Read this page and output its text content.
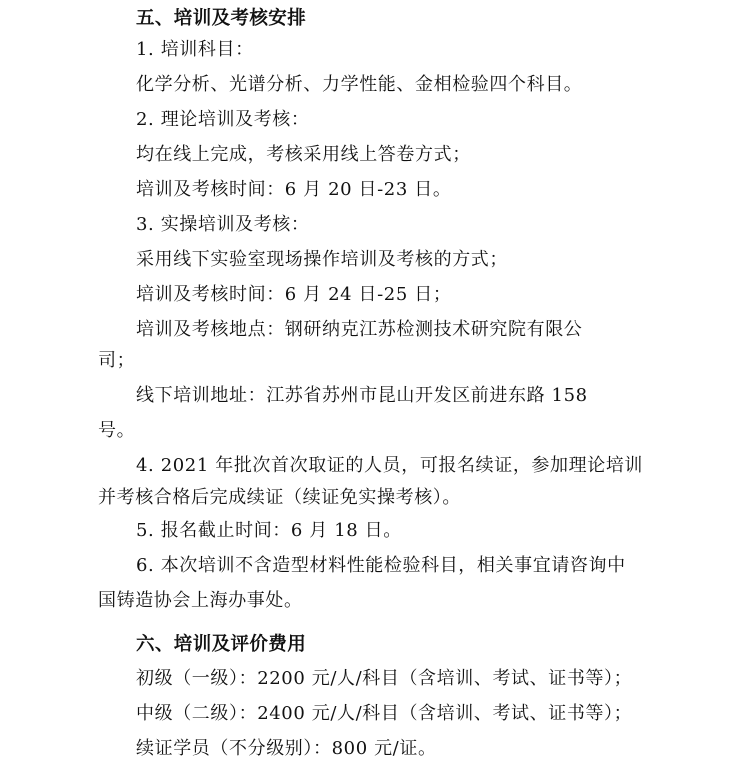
五、培训及考核安排
1. 培训科目：
化学分析、光谱分析、力学性能、金相检验四个科目。
2. 理论培训及考核：
均在线上完成，考核采用线上答卷方式；
培训及考核时间：6 月 20 日-23 日。
3. 实操培训及考核：
采用线下实验室现场操作培训及考核的方式；
培训及考核时间：6 月 24 日-25 日；
培训及考核地点：钢研纳克江苏检测技术研究院有限公
司；
线下培训地址：江苏省苏州市昆山开发区前进东路 158
号。
4. 2021 年批次首次取证的人员，可报名续证，参加理论培训
并考核合格后完成续证（续证免实操考核）。
5. 报名截止时间：6 月 18 日。
6. 本次培训不含造型材料性能检验科目，相关事宜请咨询中
国铸造协会上海办事处。
六、培训及评价费用
初级（一级）：2200 元/人/科目（含培训、考试、证书等）；
中级（二级）：2400 元/人/科目（含培训、考试、证书等）；
续证学员（不分级别）：800 元/证。
